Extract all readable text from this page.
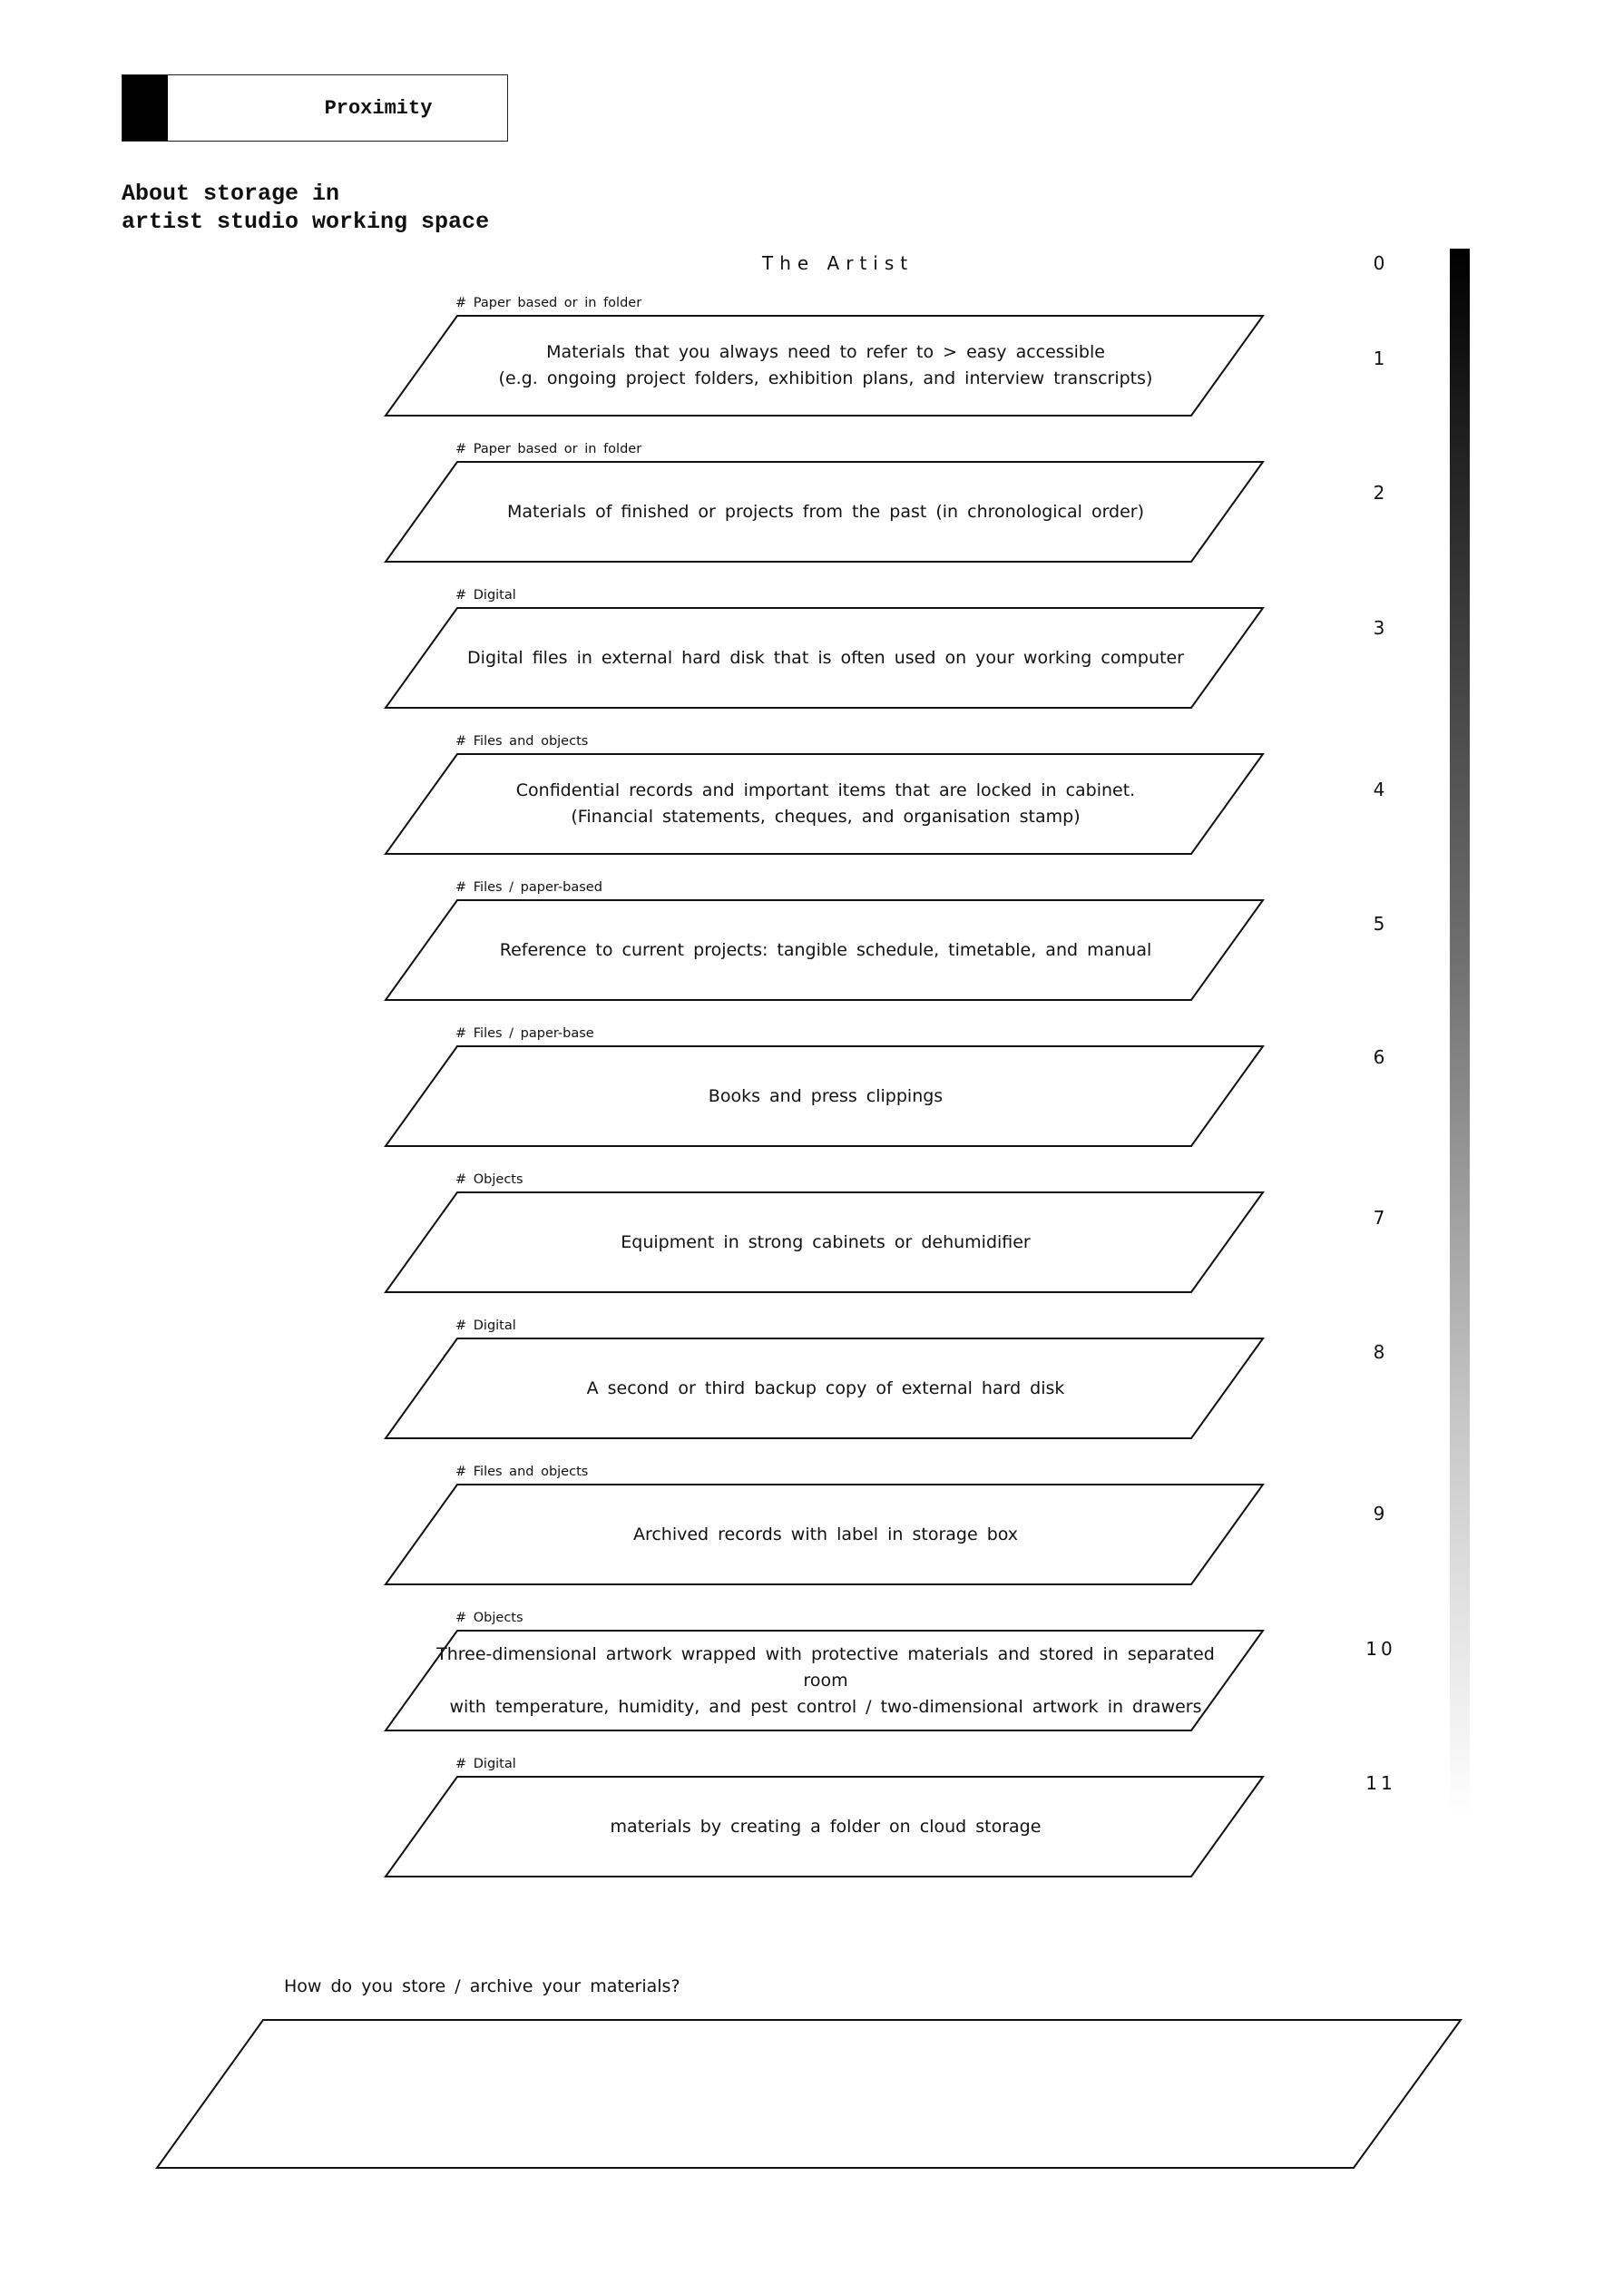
Proximity
About storage in
artist studio working space
The Artist	0
# Paper based or in folder
Materials that you always need to refer to > easy accessible
(e.g. ongoing project folders, exhibition plans, and interview transcripts)
1
# Paper based or in folder
Materials of finished or projects from the past (in chronological order)
2
# Digital
Digital files in external hard disk that is often used on your working computer
3
# Files and objects
Confidential records and important items that are locked in cabinet.
(Financial statements, cheques, and organisation stamp)
4
# Files / paper-based
Reference to current projects: tangible schedule, timetable, and manual
5
# Files / paper-base
Books and press clippings
6
# Objects
Equipment in strong cabinets or dehumidifier
7
# Digital
A second or third backup copy of external hard disk
8
# Files and objects
Archived records with label in storage box
9
# Objects
Three-dimensional artwork wrapped with protective materials and stored in separated room
with temperature, humidity, and pest control / two-dimensional artwork in drawers
10
# Digital
materials by creating a folder on cloud storage
11
How do you store / archive your materials?
